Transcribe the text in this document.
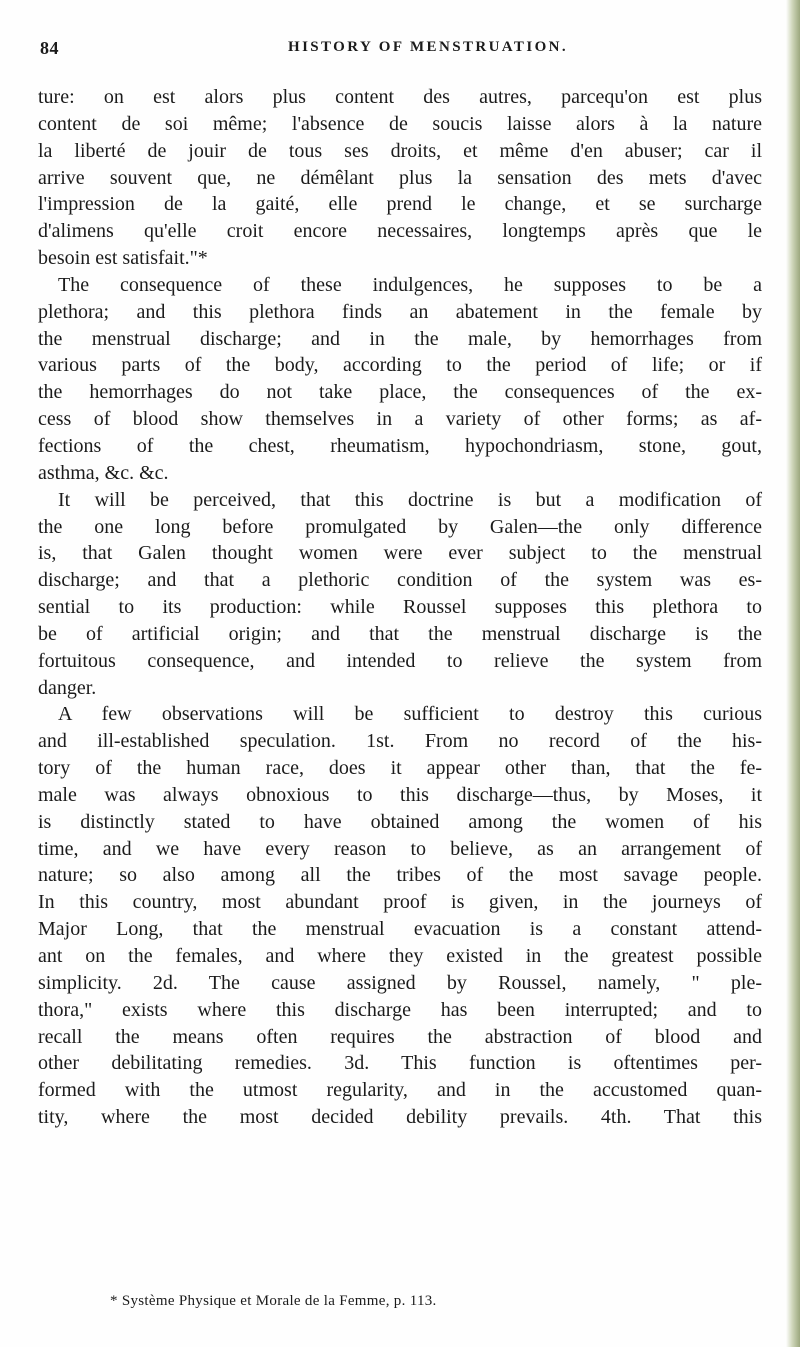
84	HISTORY OF MENSTRUATION.
ture: on est alors plus content des autres, parcequ'on est plus
content de soi même; l'absence de soucis laisse alors à la nature
la liberté de jouir de tous ses droits, et même d'en abuser; car il
arrive souvent que, ne démêlant plus la sensation des mets d'avec
l'impression de la gaité, elle prend le change, et se surcharge
d'alimens qu'elle croit encore necessaires, longtemps après que le
besoin est satisfait."*
The consequence of these indulgences, he supposes to be a
plethora; and this plethora finds an abatement in the female by
the menstrual discharge; and in the male, by hemorrhages from
various parts of the body, according to the period of life; or if
the hemorrhages do not take place, the consequences of the ex-
cess of blood show themselves in a variety of other forms; as af-
fections of the chest, rheumatism, hypochondriasm, stone, gout,
asthma, &c. &c.
It will be perceived, that this doctrine is but a modification of
the one long before promulgated by Galen—the only difference
is, that Galen thought women were ever subject to the menstrual
discharge; and that a plethoric condition of the system was es-
sential to its production: while Roussel supposes this plethora to
be of artificial origin; and that the menstrual discharge is the
fortuitous consequence, and intended to relieve the system from
danger.
A few observations will be sufficient to destroy this curious
and ill-established speculation. 1st. From no record of the his-
tory of the human race, does it appear other than, that the fe-
male was always obnoxious to this discharge—thus, by Moses, it
is distinctly stated to have obtained among the women of his
time, and we have every reason to believe, as an arrangement of
nature; so also among all the tribes of the most savage people.
In this country, most abundant proof is given, in the journeys of
Major Long, that the menstrual evacuation is a constant attend-
ant on the females, and where they existed in the greatest possible
simplicity. 2d. The cause assigned by Roussel, namely, " ple-
thora," exists where this discharge has been interrupted; and to
recall the means often requires the abstraction of blood and
other debilitating remedies. 3d. This function is oftentimes per-
formed with the utmost regularity, and in the accustomed quan-
tity, where the most decided debility prevails. 4th. That this
* Système Physique et Morale de la Femme, p. 113.
